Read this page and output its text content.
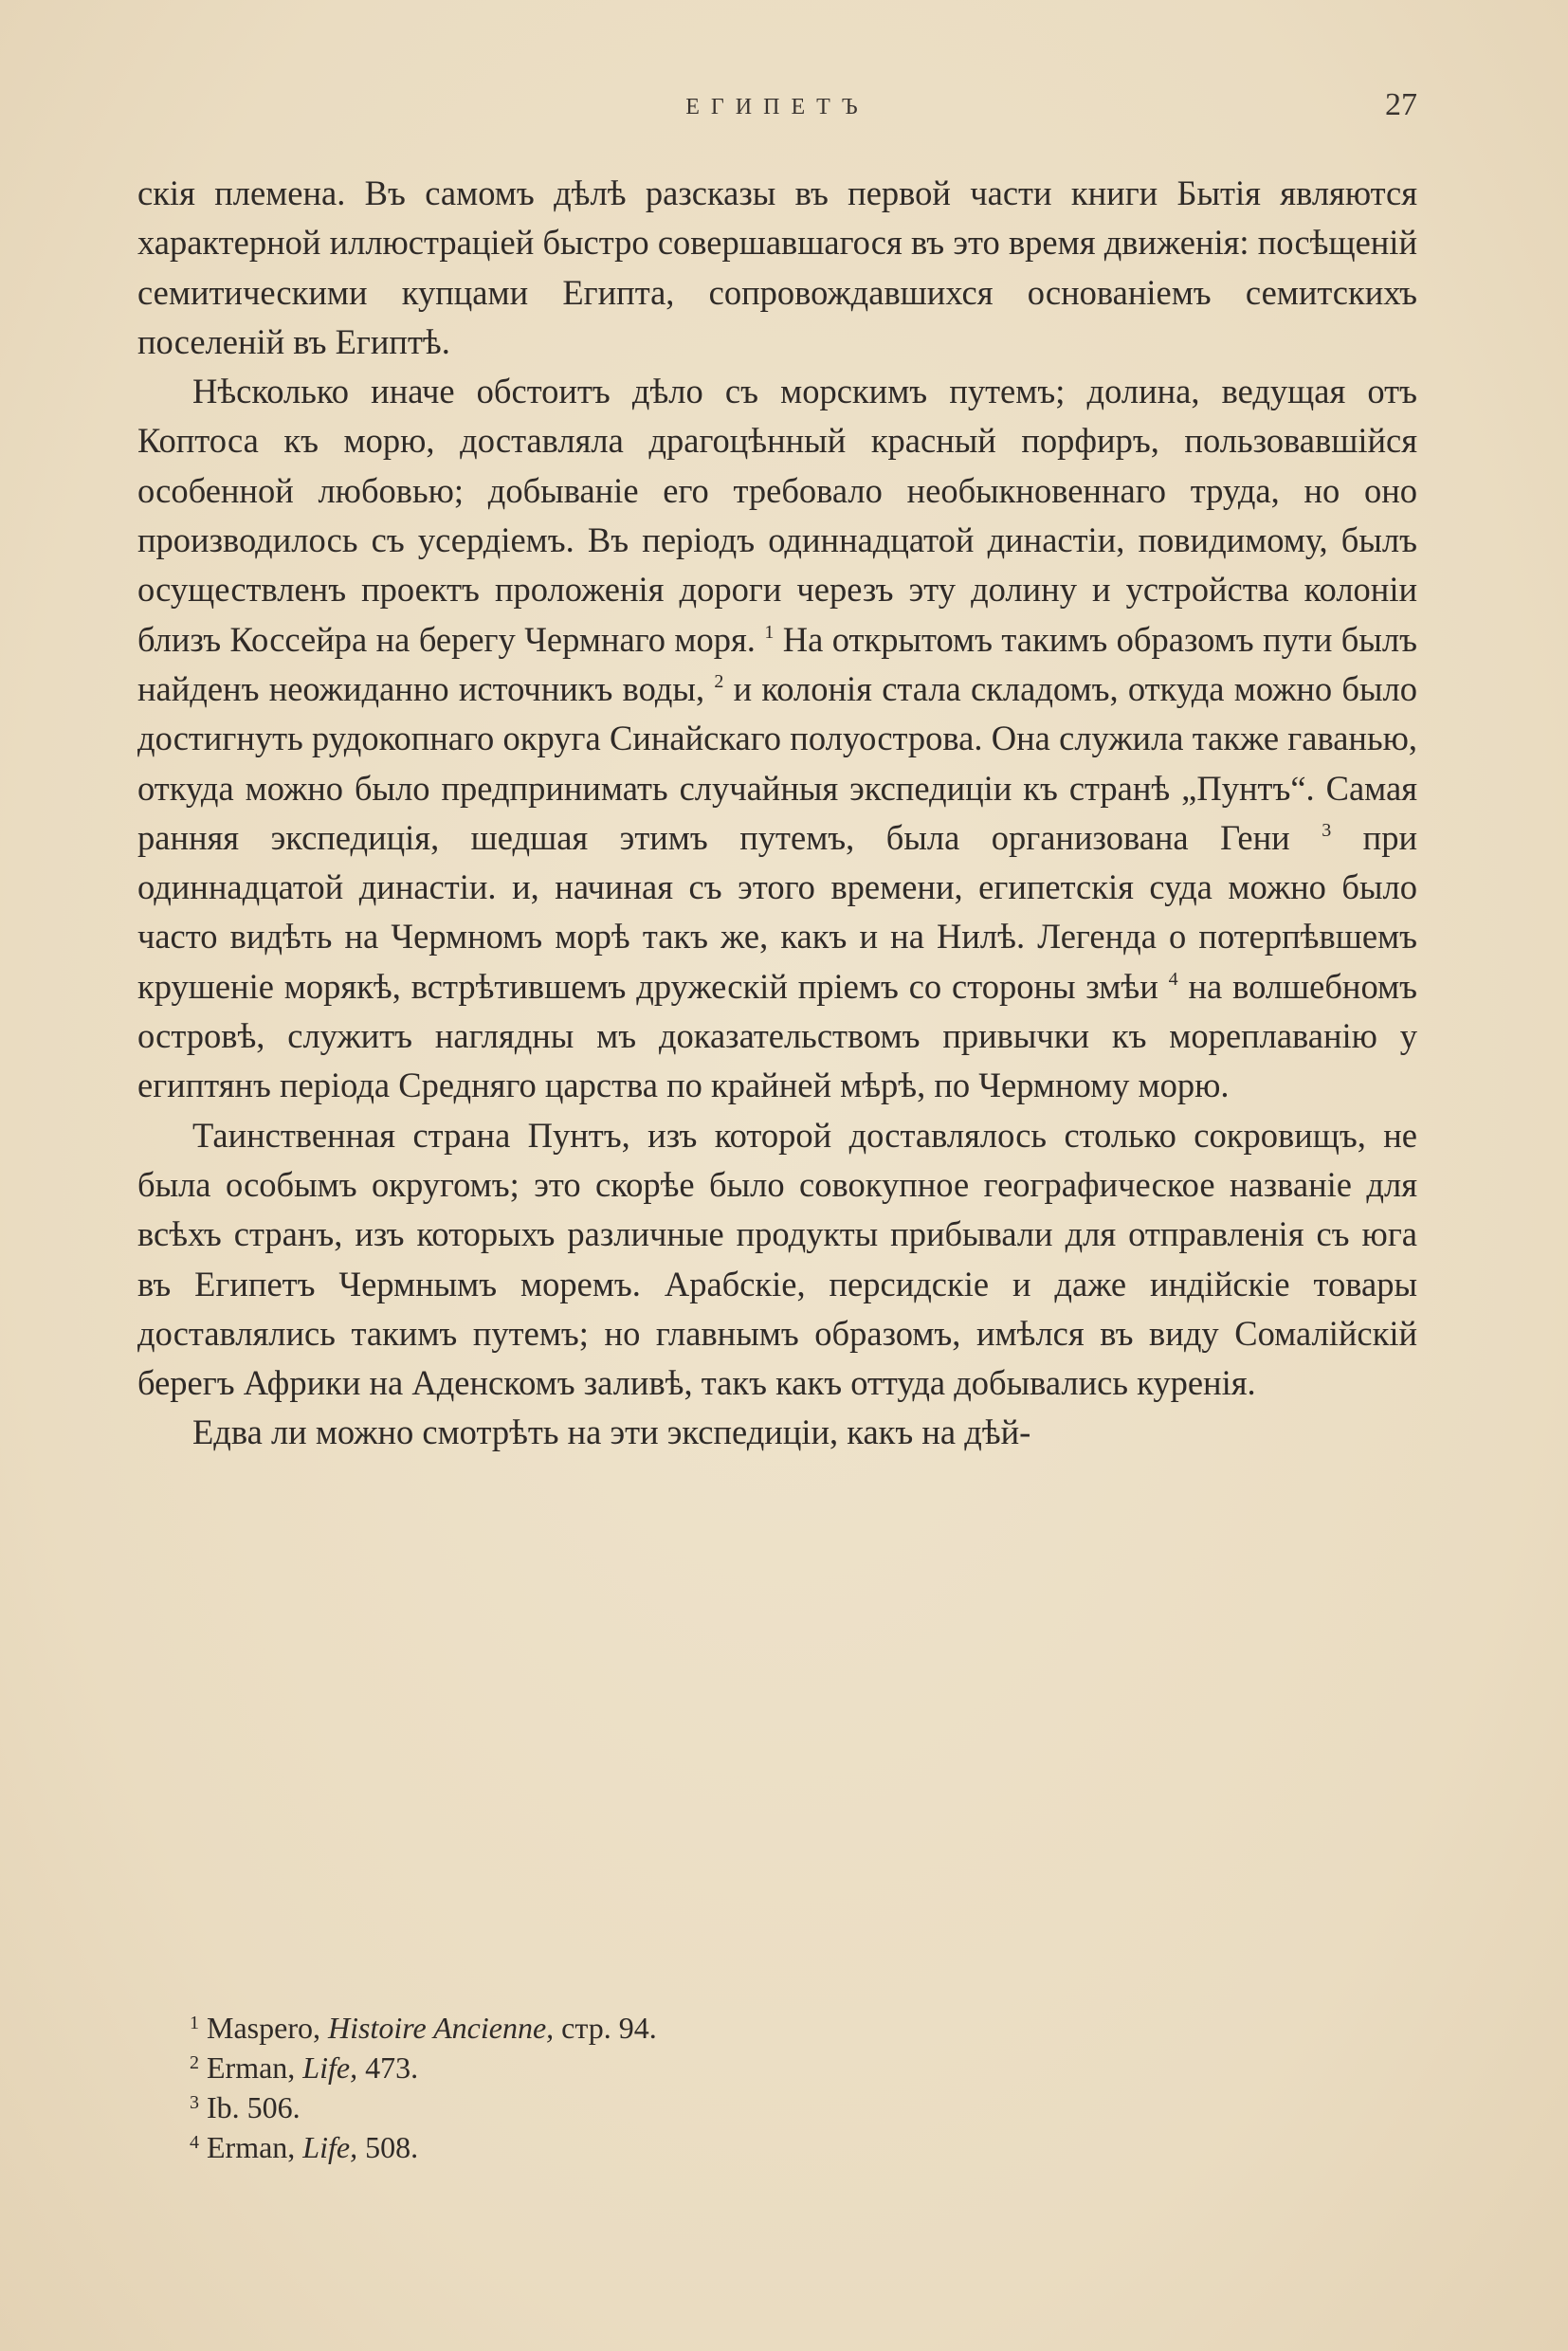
ЕГИПЕТЪ	27

скія племена. Въ самомъ дѣлѣ разсказы въ первой части книги Бытія являются характерной иллюстраціей быстро совершавшагося въ это время движенія: посѣщеній семитическими купцами Египта, сопровождавшихся основаніемъ семитскихъ поселеній въ Египтѣ.

Нѣсколько иначе обстоитъ дѣло съ морскимъ путемъ; долина, ведущая отъ Коптоса къ морю, доставляла драгоцѣнный красный порфиръ, пользовавшійся особенной любовью; добываніе его требовало необыкновеннаго труда, но оно производилось съ усердіемъ. Въ періодъ одиннадцатой династіи, повидимому, былъ осуществленъ проектъ проложенія дороги черезъ эту долину и устройства колоніи близъ Коссейра на берегу Чермнаго моря. $^1$ На открытомъ такимъ образомъ пути былъ найденъ неожиданно источникъ воды, $^2$ и колонія стала складомъ, откуда можно было достигнуть рудокопнаго округа Синайскаго полуострова. Она служила также гаванью, откуда можно было предпринимать случайныя экспедиціи къ странѣ „Пунтъ“. Самая ранняя экспедиція, шедшая этимъ путемъ, была организована Гени $^3$ при одиннадцатой династіи. и, начиная съ этого времени, египетскія суда можно было часто видѣть на Чермномъ морѣ такъ же, какъ и на Нилѣ. Легенда о потерпѣвшемъ крушеніе морякѣ, встрѣтившемъ дружескій пріемъ со стороны змѣи $^4$ на волшебномъ островѣ, служитъ наглядны мъ доказательствомъ привычки къ мореплаванію у египтянъ періода Средняго царства по крайней мѣрѣ, по Чермному морю.

Таинственная страна Пунтъ, изъ которой доставлялось столько сокровищъ, не была особымъ округомъ; это скорѣе было совокупное географическое названіе для всѣхъ странъ, изъ которыхъ различные продукты прибывали для отправленія съ юга въ Египетъ Чермнымъ моремъ. Арабскіе, персидскіе и даже индійскіе товары доставлялись такимъ путемъ; но главнымъ образомъ, имѣлся въ виду Сомалійскій берегъ Африки на Аденскомъ заливѣ, такъ какъ оттуда добывались куренія.

Едва ли можно смотрѣть на эти экспедиціи, какъ на дѣй-

$^1$ Maspero, Histoire Ancienne, стр. 94.
$^2$ Erman, Life, 473.
$^3$ Ib. 506.
$^4$ Erman, Life, 508.
